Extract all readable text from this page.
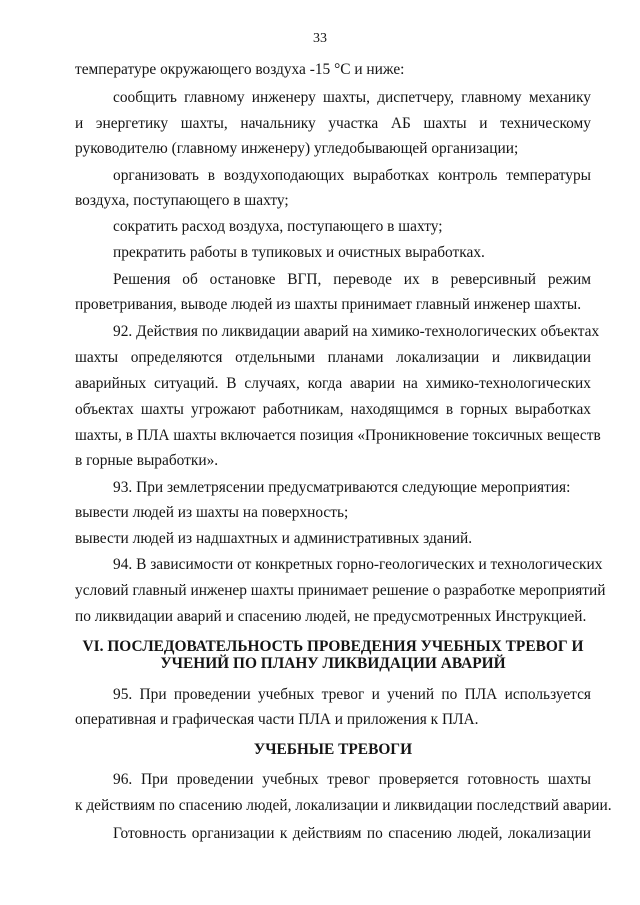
33
температуре окружающего воздуха -15 °С и ниже:
сообщить главному инженеру шахты, диспетчеру, главному механику
и энергетику шахты, начальнику участка АБ шахты и техническому
руководителю (главному инженеру) угледобывающей организации;
организовать в воздухоподающих выработках контроль температуры
воздуха, поступающего в шахту;
сократить расход воздуха, поступающего в шахту;
прекратить работы в тупиковых и очистных выработках.
Решения об остановке ВГП, переводе их в реверсивный режим
проветривания, выводе людей из шахты принимает главный инженер шахты.
92. Действия по ликвидации аварий на химико-технологических объектах
шахты определяются отдельными планами локализации и ликвидации
аварийных ситуаций. В случаях, когда аварии на химико-технологических
объектах шахты угрожают работникам, находящимся в горных выработках
шахты, в ПЛА шахты включается позиция «Проникновение токсичных веществ
в горные выработки».
93. При землетрясении предусматриваются следующие мероприятия:
вывести людей из шахты на поверхность;
вывести людей из надшахтных и административных зданий.
94. В зависимости от конкретных горно-геологических и технологических
условий главный инженер шахты принимает решение о разработке мероприятий
по ликвидации аварий и спасению людей, не предусмотренных Инструкцией.
VI. ПОСЛЕДОВАТЕЛЬНОСТЬ ПРОВЕДЕНИЯ УЧЕБНЫХ ТРЕВОГ И
УЧЕНИЙ ПО ПЛАНУ ЛИКВИДАЦИИ АВАРИЙ
95. При проведении учебных тревог и учений по ПЛА используется
оперативная и графическая части ПЛА и приложения к ПЛА.
УЧЕБНЫЕ ТРЕВОГИ
96. При проведении учебных тревог проверяется готовность шахты
к действиям по спасению людей, локализации и ликвидации последствий аварии.
Готовность организации к действиям по спасению людей, локализации
